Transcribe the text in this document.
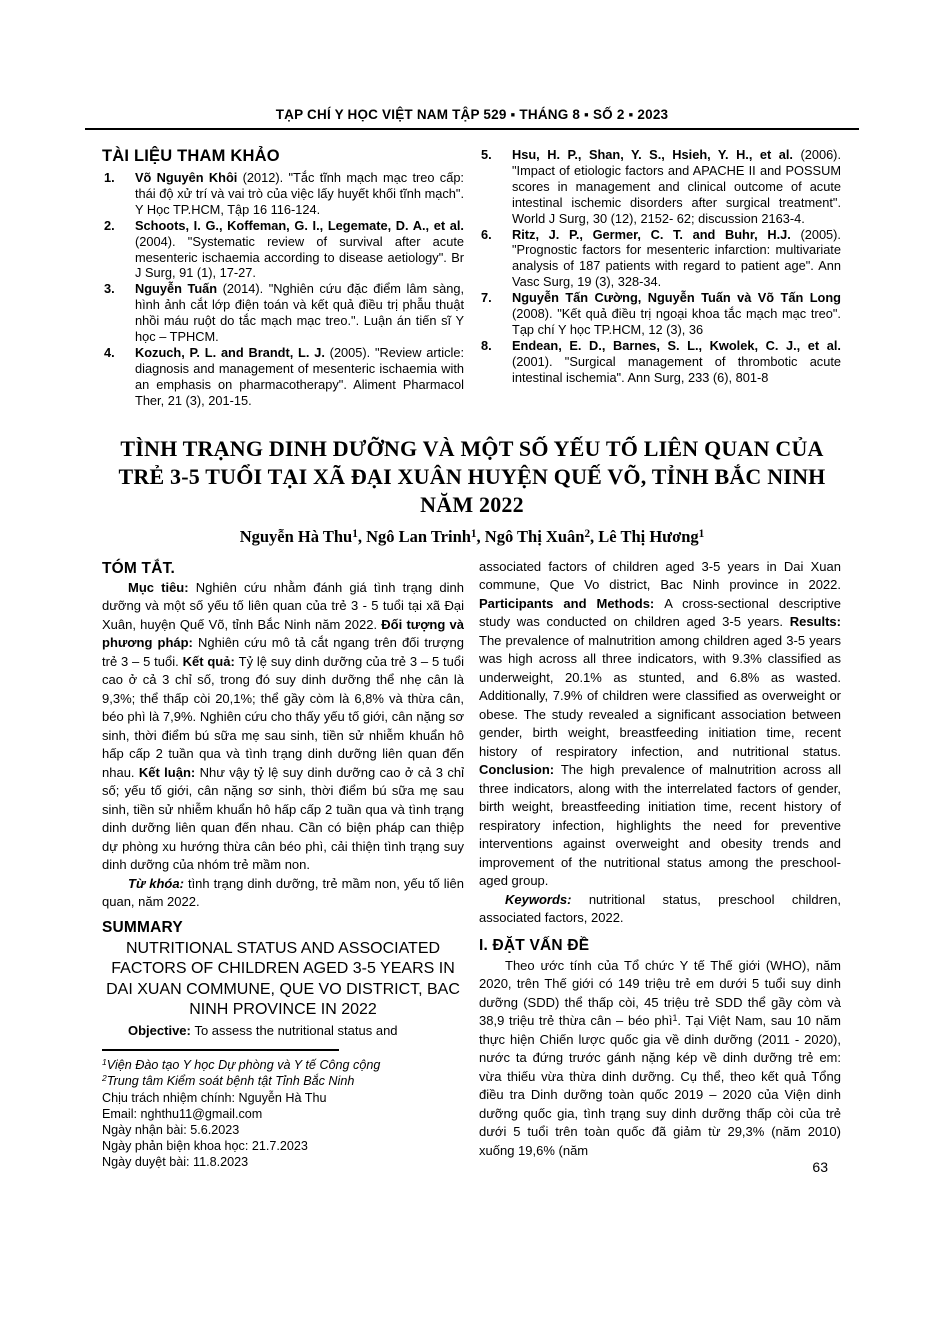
TẠP CHÍ Y HỌC VIỆT NAM TẬP 529 ▪ THÁNG 8 ▪ SỐ 2 ▪ 2023
TÀI LIỆU THAM KHẢO
1. Võ Nguyên Khôi (2012). "Tắc tĩnh mạch mạc treo cấp: thái độ xử trí và vai trò của việc lấy huyết khối tĩnh mạch". Y Học TP.HCM, Tập 16 116-124.
2. Schoots, I. G., Koffeman, G. I., Legemate, D. A., et al. (2004). "Systematic review of survival after acute mesenteric ischaemia according to disease aetiology". Br J Surg, 91 (1), 17-27.
3. Nguyễn Tuấn (2014). "Nghiên cứu đặc điểm lâm sàng, hình ảnh cắt lớp điện toán và kết quả điều trị phẫu thuật nhồi máu ruột do tắc mạch mạc treo.". Luận án tiến sĩ Y học – TPHCM.
4. Kozuch, P. L. and Brandt, L. J. (2005). "Review article: diagnosis and management of mesenteric ischaemia with an emphasis on pharmacotherapy". Aliment Pharmacol Ther, 21 (3), 201-15.
5. Hsu, H. P., Shan, Y. S., Hsieh, Y. H., et al. (2006). "Impact of etiologic factors and APACHE II and POSSUM scores in management and clinical outcome of acute intestinal ischemic disorders after surgical treatment". World J Surg, 30 (12), 2152- 62; discussion 2163-4.
6. Ritz, J. P., Germer, C. T. and Buhr, H.J. (2005). "Prognostic factors for mesenteric infarction: multivariate analysis of 187 patients with regard to patient age". Ann Vasc Surg, 19 (3), 328-34.
7. Nguyễn Tấn Cường, Nguyễn Tuấn và Võ Tấn Long (2008). "Kết quả điều trị ngoại khoa tắc mạch mạc treo". Tạp chí Y học TP.HCM, 12 (3), 36
8. Endean, E. D., Barnes, S. L., Kwolek, C. J., et al. (2001). "Surgical management of thrombotic acute intestinal ischemia". Ann Surg, 233 (6), 801-8
TÌNH TRẠNG DINH DƯỠNG VÀ MỘT SỐ YẾU TỐ LIÊN QUAN CỦA
TRẺ 3-5 TUỔI TẠI XÃ ĐẠI XUÂN HUYỆN QUẾ VÕ, TỈNH BẮC NINH NĂM 2022
Nguyễn Hà Thu$^1$, Ngô Lan Trinh$^1$, Ngô Thị Xuân$^2$, Lê Thị Hương$^1$
TÓM TẮT.

Mục tiêu: Nghiên cứu nhằm đánh giá tình trạng dinh dưỡng và một số yếu tố liên quan của trẻ 3 - 5 tuổi tại xã Đại Xuân, huyện Quế Võ, tỉnh Bắc Ninh năm 2022. Đối tượng và phương pháp: Nghiên cứu mô tả cắt ngang trên đối trượng trẻ 3 – 5 tuổi. Kết quả: Tỷ lệ suy dinh dưỡng của trẻ 3 – 5 tuổi cao ở cả 3 chỉ số, trong đó suy dinh dưỡng thể nhẹ cân là 9,3%; thể thấp còi 20,1%; thể gầy còm là 6,8% và thừa cân, béo phì là 7,9%. Nghiên cứu cho thấy yếu tố giới, cân nặng sơ sinh, thời điểm bú sữa mẹ sau sinh, tiền sử nhiễm khuẩn hô hấp cấp 2 tuần qua và tình trạng dinh dưỡng liên quan đến nhau. Kết luận: Như vậy tỷ lệ suy dinh dưỡng cao ở cả 3 chỉ số; yếu tố giới, cân nặng sơ sinh, thời điểm bú sữa mẹ sau sinh, tiền sử nhiễm khuẩn hô hấp cấp 2 tuần qua và tình trạng dinh dưỡng liên quan đến nhau. Cần có biện pháp can thiệp dự phòng xu hướng thừa cân béo phì, cải thiện tình trạng suy dinh dưỡng của nhóm trẻ mầm non.

Từ khóa: tình trạng dinh dưỡng, trẻ mầm non, yếu tố liên quan, năm 2022.

SUMMARY
NUTRITIONAL STATUS AND ASSOCIATED FACTORS OF CHILDREN AGED 3-5 YEARS IN DAI XUAN COMMUNE, QUE VO DISTRICT, BAC NINH PROVINCE IN 2022

Objective: To assess the nutritional status and

$^1$Viện Đào tạo Y học Dự phòng và Y tế Công cộng
$^2$Trung tâm Kiểm soát bệnh tật Tỉnh Bắc Ninh
Chịu trách nhiệm chính: Nguyễn Hà Thu
Email: nghthu11@gmail.com
Ngày nhận bài: 5.6.2023
Ngày phản biện khoa học: 21.7.2023
Ngày duyệt bài: 11.8.2023

associated factors of children aged 3-5 years in Dai Xuan commune, Que Vo district, Bac Ninh province in 2022. Participants and Methods: A cross-sectional descriptive study was conducted on children aged 3-5 years. Results: The prevalence of malnutrition among children aged 3-5 years was high across all three indicators, with 9.3% classified as underweight, 20.1% as stunted, and 6.8% as wasted. Additionally, 7.9% of children were classified as overweight or obese. The study revealed a significant association between gender, birth weight, breastfeeding initiation time, recent history of respiratory infection, and nutritional status. Conclusion: The high prevalence of malnutrition across all three indicators, along with the interrelated factors of gender, birth weight, breastfeeding initiation time, recent history of respiratory infection, highlights the need for preventive interventions against overweight and obesity trends and improvement of the nutritional status among the preschool-aged group.

Keywords: nutritional status, preschool children, associated factors, 2022.

I. ĐẶT VẤN ĐỀ

Theo ước tính của Tổ chức Y tế Thế giới (WHO), năm 2020, trên Thế giới có 149 triệu trẻ em dưới 5 tuổi suy dinh dưỡng (SDD) thể thấp còi, 45 triệu trẻ SDD thể gầy còm và 38,9 triệu trẻ thừa cân – béo phì$^1$. Tại Việt Nam, sau 10 năm thực hiện Chiến lược quốc gia về dinh dưỡng (2011 - 2020), nước ta đứng trước gánh nặng kép về dinh dưỡng trẻ em: vừa thiếu vừa thừa dinh dưỡng. Cụ thể, theo kết quả Tổng điều tra Dinh dưỡng toàn quốc 2019 – 2020 của Viện dinh dưỡng quốc gia, tình trạng suy dinh dưỡng thấp còi của trẻ dưới 5 tuổi trên toàn quốc đã giảm từ 29,3% (năm 2010) xuống 19,6% (năm

63
